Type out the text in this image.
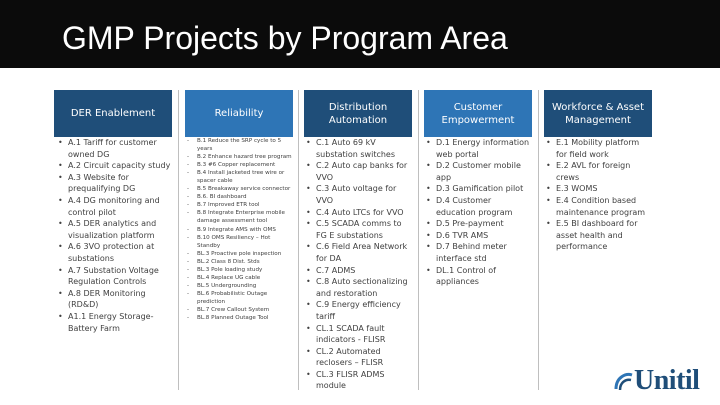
GMP Projects by Program Area
DER Enablement
• A.1 Tariff for customer owned DG
• A.2 Circuit capacity study
• A.3 Website for prequalifying DG
• A.4 DG monitoring and control pilot
• A.5 DER analytics and visualization platform
• A.6 3VO protection at substations
• A.7 Substation Voltage Regulation Controls
• A.8 DER Monitoring (RD&D)
• A1.1 Energy Storage-Battery Farm
Reliability
- B.1 Reduce the SRP cycle to 5 years
- B.2 Enhance hazard tree program
- B.3 #6 Copper replacement
- B.4 Install jacketed tree wire or spacer cable
- B.5 Breakaway service connector
- B.6. BI dashboard
- B.7 Improved ETR tool
- B.8 Integrate Enterprise mobile damage assessment tool
- B.9 Integrate AMS with OMS
- B.10 OMS Resiliency – Hot Standby
- BL.3 Proactive pole inspection
- BL.2 Class 8 Dist. Stds
- BL.3 Pole loading study
- BL.4 Replace UG cable
- BL.5 Undergrounding
- BL.6 Probabilistic Outage prediction
- BL.7 Crew Callout System
- BL.8 Planned Outage Tool
Distribution Automation
• C.1 Auto 69 kV substation switches
• C.2 Auto cap banks for VVO
• C.3 Auto voltage for VVO
• C.4 Auto LTCs for VVO
• C.5 SCADA comms to FG E substations
• C.6 Field Area Network for DA
• C.7 ADMS
• C.8 Auto sectionalizing and restoration
• C.9 Energy efficiency tariff
• CL.1 SCADA fault indicators - FLISR
• CL.2 Automated reclosers – FLISR
• CL.3 FLISR ADMS module
Customer Empowerment
• D.1 Energy information web portal
• D.2 Customer mobile app
• D.3 Gamification pilot
• D.4 Customer education program
• D.5 Pre-payment
• D.6 TVR AMS
• D.7 Behind meter interface std
• DL.1 Control of appliances
Workforce & Asset Management
• E.1 Mobility platform for field work
• E.2 AVL for foreign crews
• E.3 WOMS
• E.4 Condition based maintenance program
• E.5 BI dashboard for asset health and performance
Unitil
